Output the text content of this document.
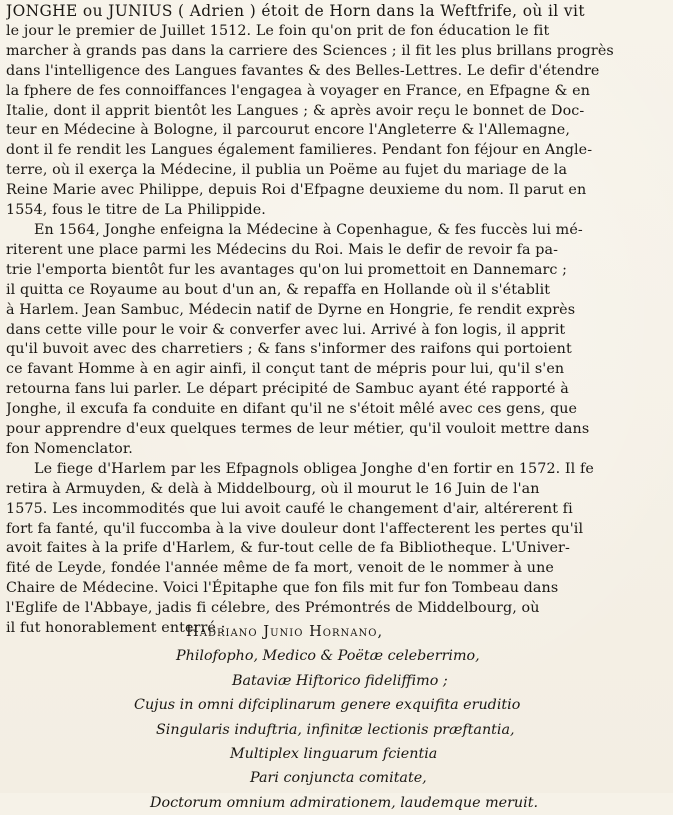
JONGHE ou JUNIUS ( Adrien ) étoit de Horn dans la Weftfrife, où il vit
le jour le premier de Juillet 1512. Le foin qu'on prit de fon éducation le fit
marcher à grands pas dans la carriere des Sciences ; il fit les plus brillans progrès
dans l'intelligence des Langues favantes & des Belles-Lettres. Le defir d'étendre
la fphere de fes connoiffances l'engagea à voyager en France, en Efpagne & en
Italie, dont il apprit bientôt les Langues ; & après avoir reçu le bonnet de Doc-
teur en Médecine à Bologne, il parcourut encore l'Angleterre & l'Allemagne,
dont il fe rendit les Langues également familieres. Pendant fon féjour en Angle-
terre, où il exerça la Médecine, il publia un Poëme au fujet du mariage de la
Reine Marie avec Philippe, depuis Roi d'Efpagne deuxieme du nom. Il parut en
1554, fous le titre de La Philippide.
En 1564, Jonghe enfeigna la Médecine à Copenhague, & fes fuccès lui mé-
riterent une place parmi les Médecins du Roi. Mais le defir de revoir fa pa-
trie l'emporta bientôt fur les avantages qu'on lui promettoit en Dannemarc ;
il quitta ce Royaume au bout d'un an, & repaffa en Hollande où il s'établit
à Harlem. Jean Sambuc, Médecin natif de Dyrne en Hongrie, fe rendit exprès
dans cette ville pour le voir & converfer avec lui. Arrivé à fon logis, il apprit
qu'il buvoit avec des charretiers ; & fans s'informer des raifons qui portoient
ce favant Homme à en agir ainfi, il conçut tant de mépris pour lui, qu'il s'en
retourna fans lui parler. Le départ précipité de Sambuc ayant été rapporté à
Jonghe, il excufa fa conduite en difant qu'il ne s'étoit mêlé avec ces gens, que
pour apprendre d'eux quelques termes de leur métier, qu'il vouloit mettre dans
fon Nomenclator.
Le fiege d'Harlem par les Efpagnols obligea Jonghe d'en fortir en 1572. Il fe
retira à Armuyden, & delà à Middelbourg, où il mourut le 16 Juin de l'an
1575. Les incommodités que lui avoit caufé le changement d'air, altérerent fi
fort fa fanté, qu'il fuccomba à la vive douleur dont l'affecterent les pertes qu'il
avoit faites à la prife d'Harlem, & fur-tout celle de fa Bibliotheque. L'Univer-
fité de Leyde, fondée l'année même de fa mort, venoit de le nommer à une
Chaire de Médecine. Voici l'Épitaphe que fon fils mit fur fon Tombeau dans
l'Eglife de l'Abbaye, jadis fi célebre, des Prémontrés de Middelbourg, où
il fut honorablement enterré :
Hadriano Junio Hornano,
Philofopho, Medico & Poëtæ celeberrimo,
Bataviæ Hiftorico fideliffimo ;
Cujus in omni difciplinarum genere exquifita eruditio
Singularis induftria, infinitæ lectionis præftantia,
Multiplex linguarum fcientia
Pari conjuncta comitate,
Doctorum omnium admirationem, laudemque meruit.
